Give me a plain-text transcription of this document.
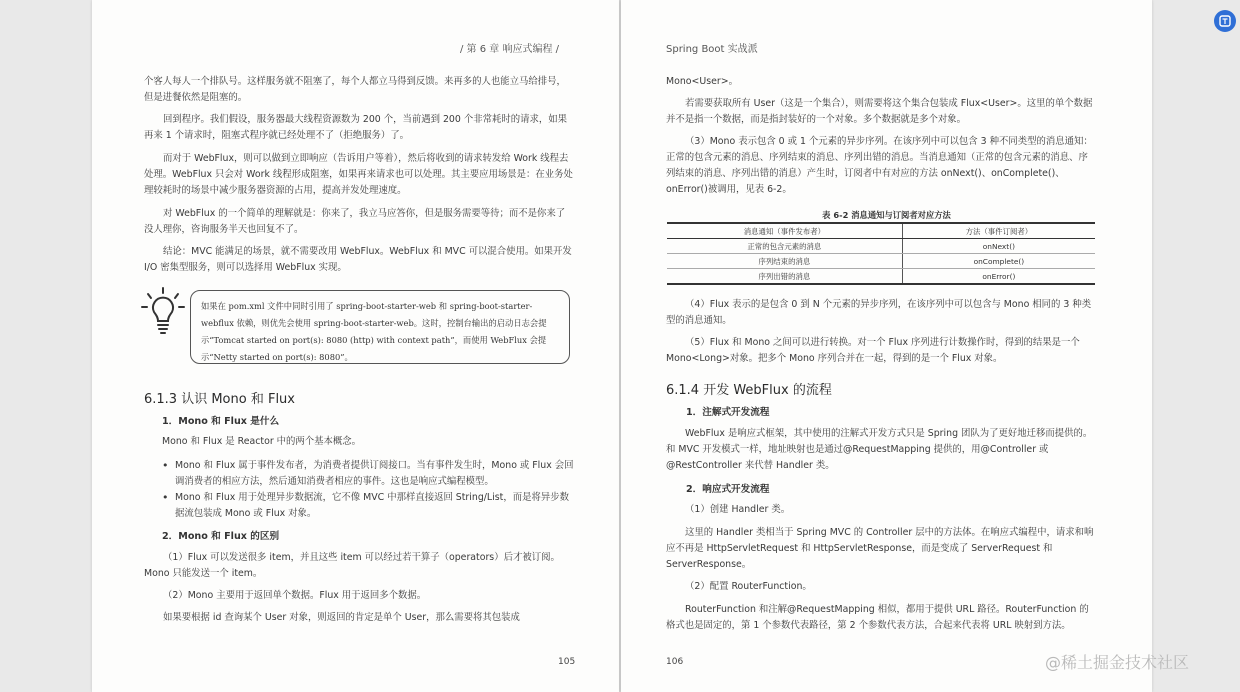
/ 第 6 章 响应式编程 /
个客人每人一个排队号。这样服务就不阻塞了，每个人都立马得到反馈。来再多的人也能立马给排号，但是进餐依然是阻塞的。
回到程序。我们假设，服务器最大线程资源数为 200 个，当前遇到 200 个非常耗时的请求，如果再来 1 个请求时，阻塞式程序就已经处理不了（拒绝服务）了。
而对于 WebFlux，则可以做到立即响应（告诉用户等着），然后将收到的请求转发给 Work 线程去处理。WebFlux 只会对 Work 线程形成阻塞，如果再来请求也可以处理。其主要应用场景是：在业务处理较耗时的场景中减少服务器资源的占用，提高并发处理速度。
对 WebFlux 的一个简单的理解就是：你来了，我立马应答你，但是服务需要等待；而不是你来了没人理你，咨询服务半天也回复不了。
结论：MVC 能满足的场景，就不需要改用 WebFlux。WebFlux 和 MVC 可以混合使用。如果开发 I/O 密集型服务，则可以选择用 WebFlux 实现。
如果在 pom.xml 文件中同时引用了 spring-boot-starter-web 和 spring-boot-starter-webflux 依赖，则优先会使用 spring-boot-starter-web。这时，控制台输出的启动日志会提示“Tomcat started on port(s): 8080 (http) with context path”，而使用 WebFlux 会提示“Netty started on port(s): 8080”。
6.1.3 认识 Mono 和 Flux
1．Mono 和 Flux 是什么
Mono 和 Flux 是 Reactor 中的两个基本概念。
• Mono 和 Flux 属于事件发布者，为消费者提供订阅接口。当有事件发生时，Mono 或 Flux 会回调消费者的相应方法，然后通知消费者相应的事件。这也是响应式编程模型。
• Mono 和 Flux 用于处理异步数据流，它不像 MVC 中那样直接返回 String/List，而是将异步数据流包装成 Mono 或 Flux 对象。
2．Mono 和 Flux 的区别
（1）Flux 可以发送很多 item，并且这些 item 可以经过若干算子（operators）后才被订阅。Mono 只能发送一个 item。
（2）Mono 主要用于返回单个数据。Flux 用于返回多个数据。
如果要根据 id 查询某个 User 对象，则返回的肯定是单个 User，那么需要将其包装成
105
Spring Boot 实战派
Mono<User>。
若需要获取所有 User（这是一个集合），则需要将这个集合包装成 Flux<User>。这里的单个数据并不是指一个数据，而是指封装好的一个对象。多个数据就是多个对象。
（3）Mono 表示包含 0 或 1 个元素的异步序列。在该序列中可以包含 3 种不同类型的消息通知：正常的包含元素的消息、序列结束的消息、序列出错的消息。当消息通知（正常的包含元素的消息、序列结束的消息、序列出错的消息）产生时，订阅者中有对应的方法 onNext()、onComplete()、onError()被调用，见表 6-2。
表 6-2 消息通知与订阅者对应方法
消息通知（事件发布者）	方法（事件订阅者）
正常的包含元素的消息	onNext()
序列结束的消息	onComplete()
序列出错的消息	onError()
（4）Flux 表示的是包含 0 到 N 个元素的异步序列，在该序列中可以包含与 Mono 相同的 3 种类型的消息通知。
（5）Flux 和 Mono 之间可以进行转换。对一个 Flux 序列进行计数操作时，得到的结果是一个 Mono<Long>对象。把多个 Mono 序列合并在一起，得到的是一个 Flux 对象。
6.1.4 开发 WebFlux 的流程
1．注解式开发流程
WebFlux 是响应式框架，其中使用的注解式开发方式只是 Spring 团队为了更好地迁移而提供的。和 MVC 开发模式一样，地址映射也是通过@RequestMapping 提供的，用@Controller 或@RestController 来代替 Handler 类。
2．响应式开发流程
（1）创建 Handler 类。
这里的 Handler 类相当于 Spring MVC 的 Controller 层中的方法体。在响应式编程中，请求和响应不再是 HttpServletRequest 和 HttpServletResponse，而是变成了 ServerRequest 和 ServerResponse。
（2）配置 RouterFunction。
RouterFunction 和注解@RequestMapping 相似，都用于提供 URL 路径。RouterFunction 的格式也是固定的，第 1 个参数代表路径，第 2 个参数代表方法，合起来代表将 URL 映射到方法。
106	@稀土掘金技术社区
